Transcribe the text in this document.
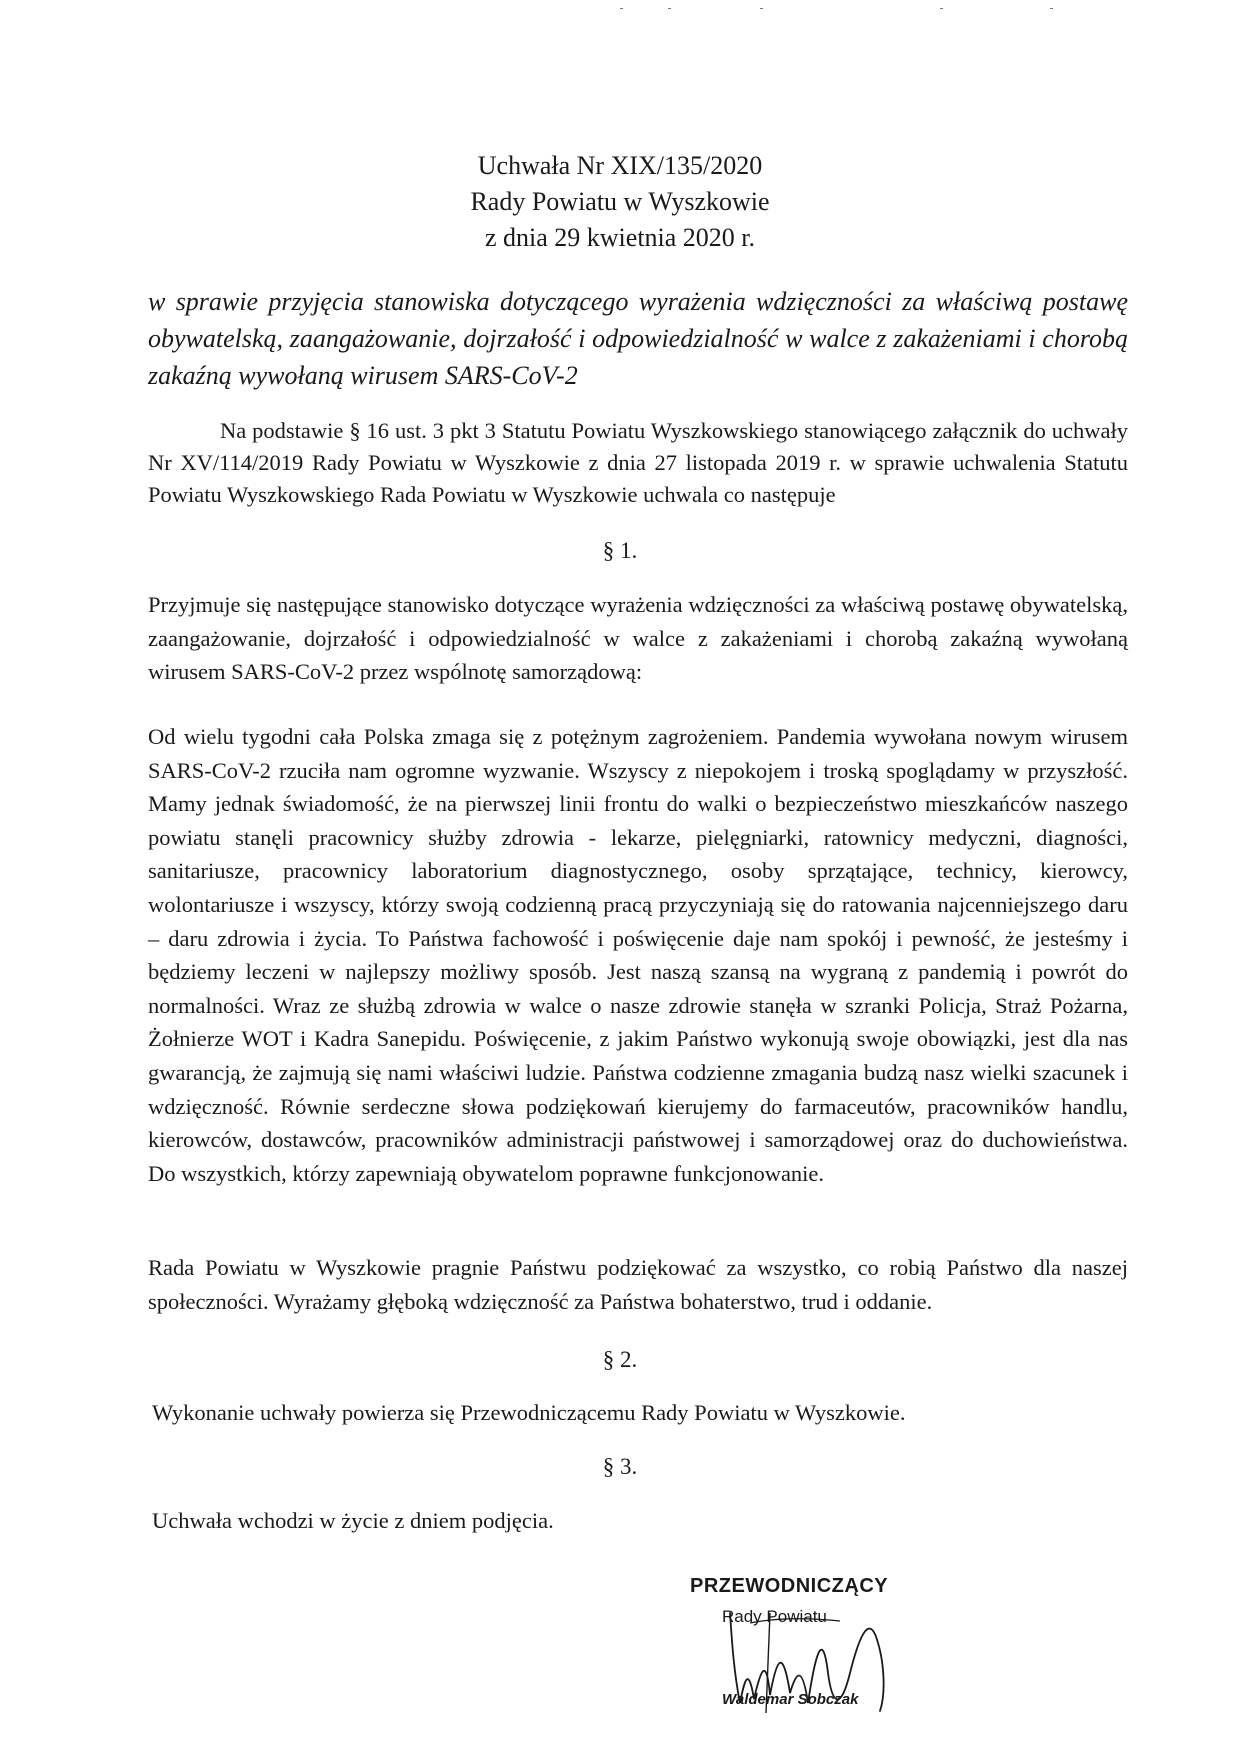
Uchwała Nr XIX/135/2020
Rady Powiatu w Wyszkowie
z dnia 29 kwietnia 2020 r.
w sprawie przyjęcia stanowiska dotyczącego wyrażenia wdzięczności za właściwą postawę obywatelską, zaangażowanie, dojrzałość i odpowiedzialność w walce z zakażeniami i chorobą zakaźną wywołaną wirusem SARS-CoV-2
Na podstawie § 16 ust. 3 pkt 3 Statutu Powiatu Wyszkowskiego stanowiącego załącznik do uchwały Nr XV/114/2019 Rady Powiatu w Wyszkowie z dnia 27 listopada 2019 r. w sprawie uchwalenia Statutu Powiatu Wyszkowskiego Rada Powiatu w Wyszkowie uchwala co następuje
§ 1.
Przyjmuje się następujące stanowisko dotyczące wyrażenia wdzięczności za właściwą postawę obywatelską, zaangażowanie, dojrzałość i odpowiedzialność w walce z zakażeniami i chorobą zakaźną wywołaną wirusem SARS-CoV-2 przez wspólnotę samorządową:
Od wielu tygodni cała Polska zmaga się z potężnym zagrożeniem. Pandemia wywołana nowym wirusem SARS-CoV-2 rzuciła nam ogromne wyzwanie. Wszyscy z niepokojem i troską spoglądamy w przyszłość. Mamy jednak świadomość, że na pierwszej linii frontu do walki o bezpieczeństwo mieszkańców naszego powiatu stanęli pracownicy służby zdrowia - lekarze, pielęgniarki, ratownicy medyczni, diagności, sanitariusze, pracownicy laboratorium diagnostycznego, osoby sprzątające, technicy, kierowcy, wolontariusze i wszyscy, którzy swoją codzienną pracą przyczyniają się do ratowania najcenniejszego daru – daru zdrowia i życia. To Państwa fachowość i poświęcenie daje nam spokój i pewność, że jesteśmy i będziemy leczeni w najlepszy możliwy sposób. Jest naszą szansą na wygraną z pandemią i powrót do normalności. Wraz ze służbą zdrowia w walce o nasze zdrowie stanęła w szranki Policja, Straż Pożarna, Żołnierze WOT i Kadra Sanepidu. Poświęcenie, z jakim Państwo wykonują swoje obowiązki, jest dla nas gwarancją, że zajmują się nami właściwi ludzie. Państwa codzienne zmagania budzą nasz wielki szacunek i wdzięczność. Równie serdeczne słowa podziękowań kierujemy do farmaceutów, pracowników handlu, kierowców, dostawców, pracowników administracji państwowej i samorządowej oraz do duchowieństwa. Do wszystkich, którzy zapewniają obywatelom poprawne funkcjonowanie.
Rada Powiatu w Wyszkowie pragnie Państwu podziękować za wszystko, co robią Państwo dla naszej społeczności. Wyrażamy głęboką wdzięczność za Państwa bohaterstwo, trud i oddanie.
§ 2.
Wykonanie uchwały powierza się Przewodniczącemu Rady Powiatu w Wyszkowie.
§ 3.
Uchwała wchodzi w życie z dniem podjęcia.
PRZEWODNICZĄCY
Rady Powiatu
Waldemar Sobczak
